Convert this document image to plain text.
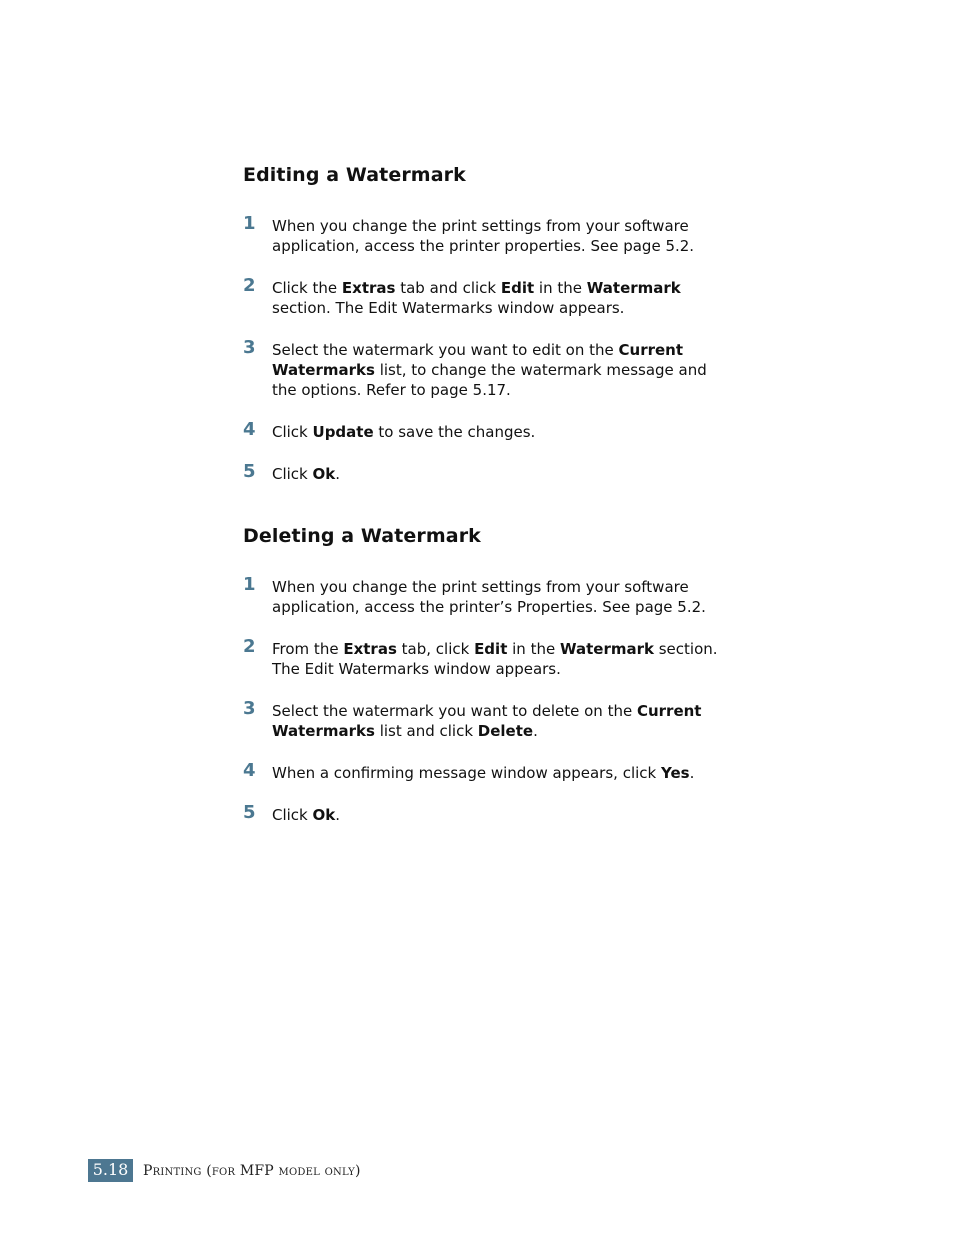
Editing a Watermark
1 When you change the print settings from your software application, access the printer properties. See page 5.2.
2 Click the Extras tab and click Edit in the Watermark section. The Edit Watermarks window appears.
3 Select the watermark you want to edit on the Current Watermarks list, to change the watermark message and the options. Refer to page 5.17.
4 Click Update to save the changes.
5 Click Ok.
Deleting a Watermark
1 When you change the print settings from your software application, access the printer’s Properties. See page 5.2.
2 From the Extras tab, click Edit in the Watermark section. The Edit Watermarks window appears.
3 Select the watermark you want to delete on the Current Watermarks list and click Delete.
4 When a confirming message window appears, click Yes.
5 Click Ok.
5.18	Printing (for MFP model only)
